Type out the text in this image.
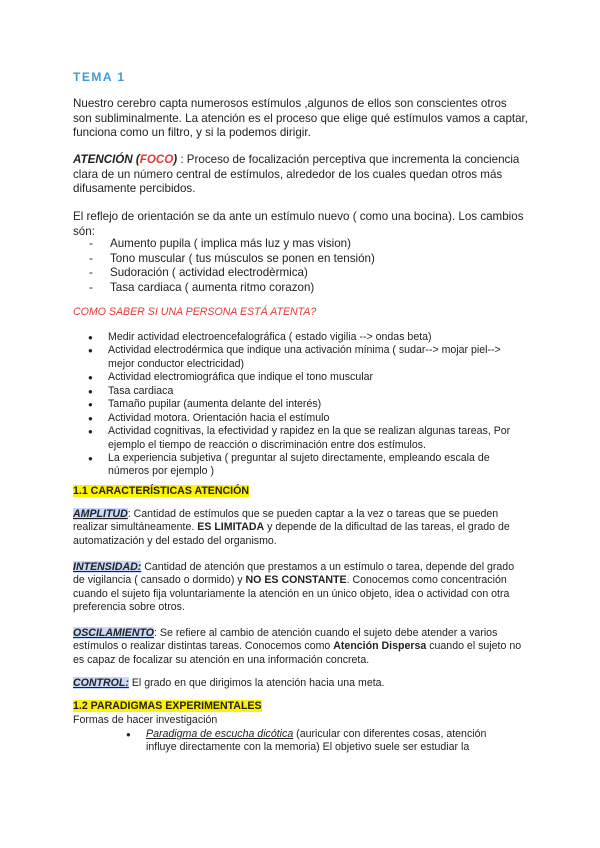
TEMA 1

Nuestro cerebro capta numerosos estímulos ,algunos de ellos son conscientes otros son subliminalmente. La atención es el proceso que elige qué estímulos vamos a captar, funciona como un filtro, y si la podemos dirigir.

ATENCIÓN (FOCO) : Proceso de focalización perceptiva que incrementa la conciencia clara de un número central de estímulos, alrededor de los cuales quedan otros más difusamente percibidos.

El reflejo de orientación se da ante un estímulo nuevo ( como una bocina). Los cambios són:

- Aumento pupila ( implica más luz y mas vision)
- Tono muscular ( tus músculos se ponen en tensión)
- Sudoración ( actividad electrodèrmica)
- Tasa cardiaca ( aumenta ritmo corazon)
COMO SABER SI UNA PERSONA ESTÁ ATENTA?
● Medir actividad electroencefalográfica ( estado vigilia --> ondas beta)
● Actividad electrodérmica que indique una activación mínima ( sudar--> mojar piel--> mejor conductor electricidad)
● Actividad electromiográfica que indique el tono muscular
● Tasa cardiaca
● Tamaño pupilar (aumenta delante del interés)
● Actividad motora. Orientación hacia el estímulo
● Actividad cognitivas, la efectividad y rapidez en la que se realizan algunas tareas, Por ejemplo el tiempo de reacción o discriminación entre dos estímulos.
● La experiencia subjetiva ( preguntar al sujeto directamente, empleando escala de números por ejemplo )
1.1 CARACTERÍSTICAS ATENCIÓN

AMPLITUD: Cantidad de estímulos que se pueden captar a la vez o tareas que se pueden realizar simultáneamente. ES LIMITADA y depende de la dificultad de las tareas, el grado de automatización y del estado del organismo.

INTENSIDAD: Cantidad de atención que prestamos a un estímulo o tarea, depende del grado de vigilancia ( cansado o dormido) y NO ES CONSTANTE. Conocemos como concentración cuando el sujeto fija voluntariamente la atención en un único objeto, idea o actividad con otra preferencia sobre otros.

OSCILAMIENTO: Se refiere al cambio de atención cuando el sujeto debe atender a varios estímulos o realizar distintas tareas. Conocemos como Atención Dispersa cuando el sujeto no es capaz de focalizar su atención en una información concreta.

CONTROL: El grado en que dirigimos la atención hacia una meta.

1.2 PARADIGMAS EXPERIMENTALES
Formas de hacer investigación
● Paradigma de escucha dicótica (auricular con diferentes cosas, atención influye directamente con la memoria) El objetivo suele ser estudiar la
